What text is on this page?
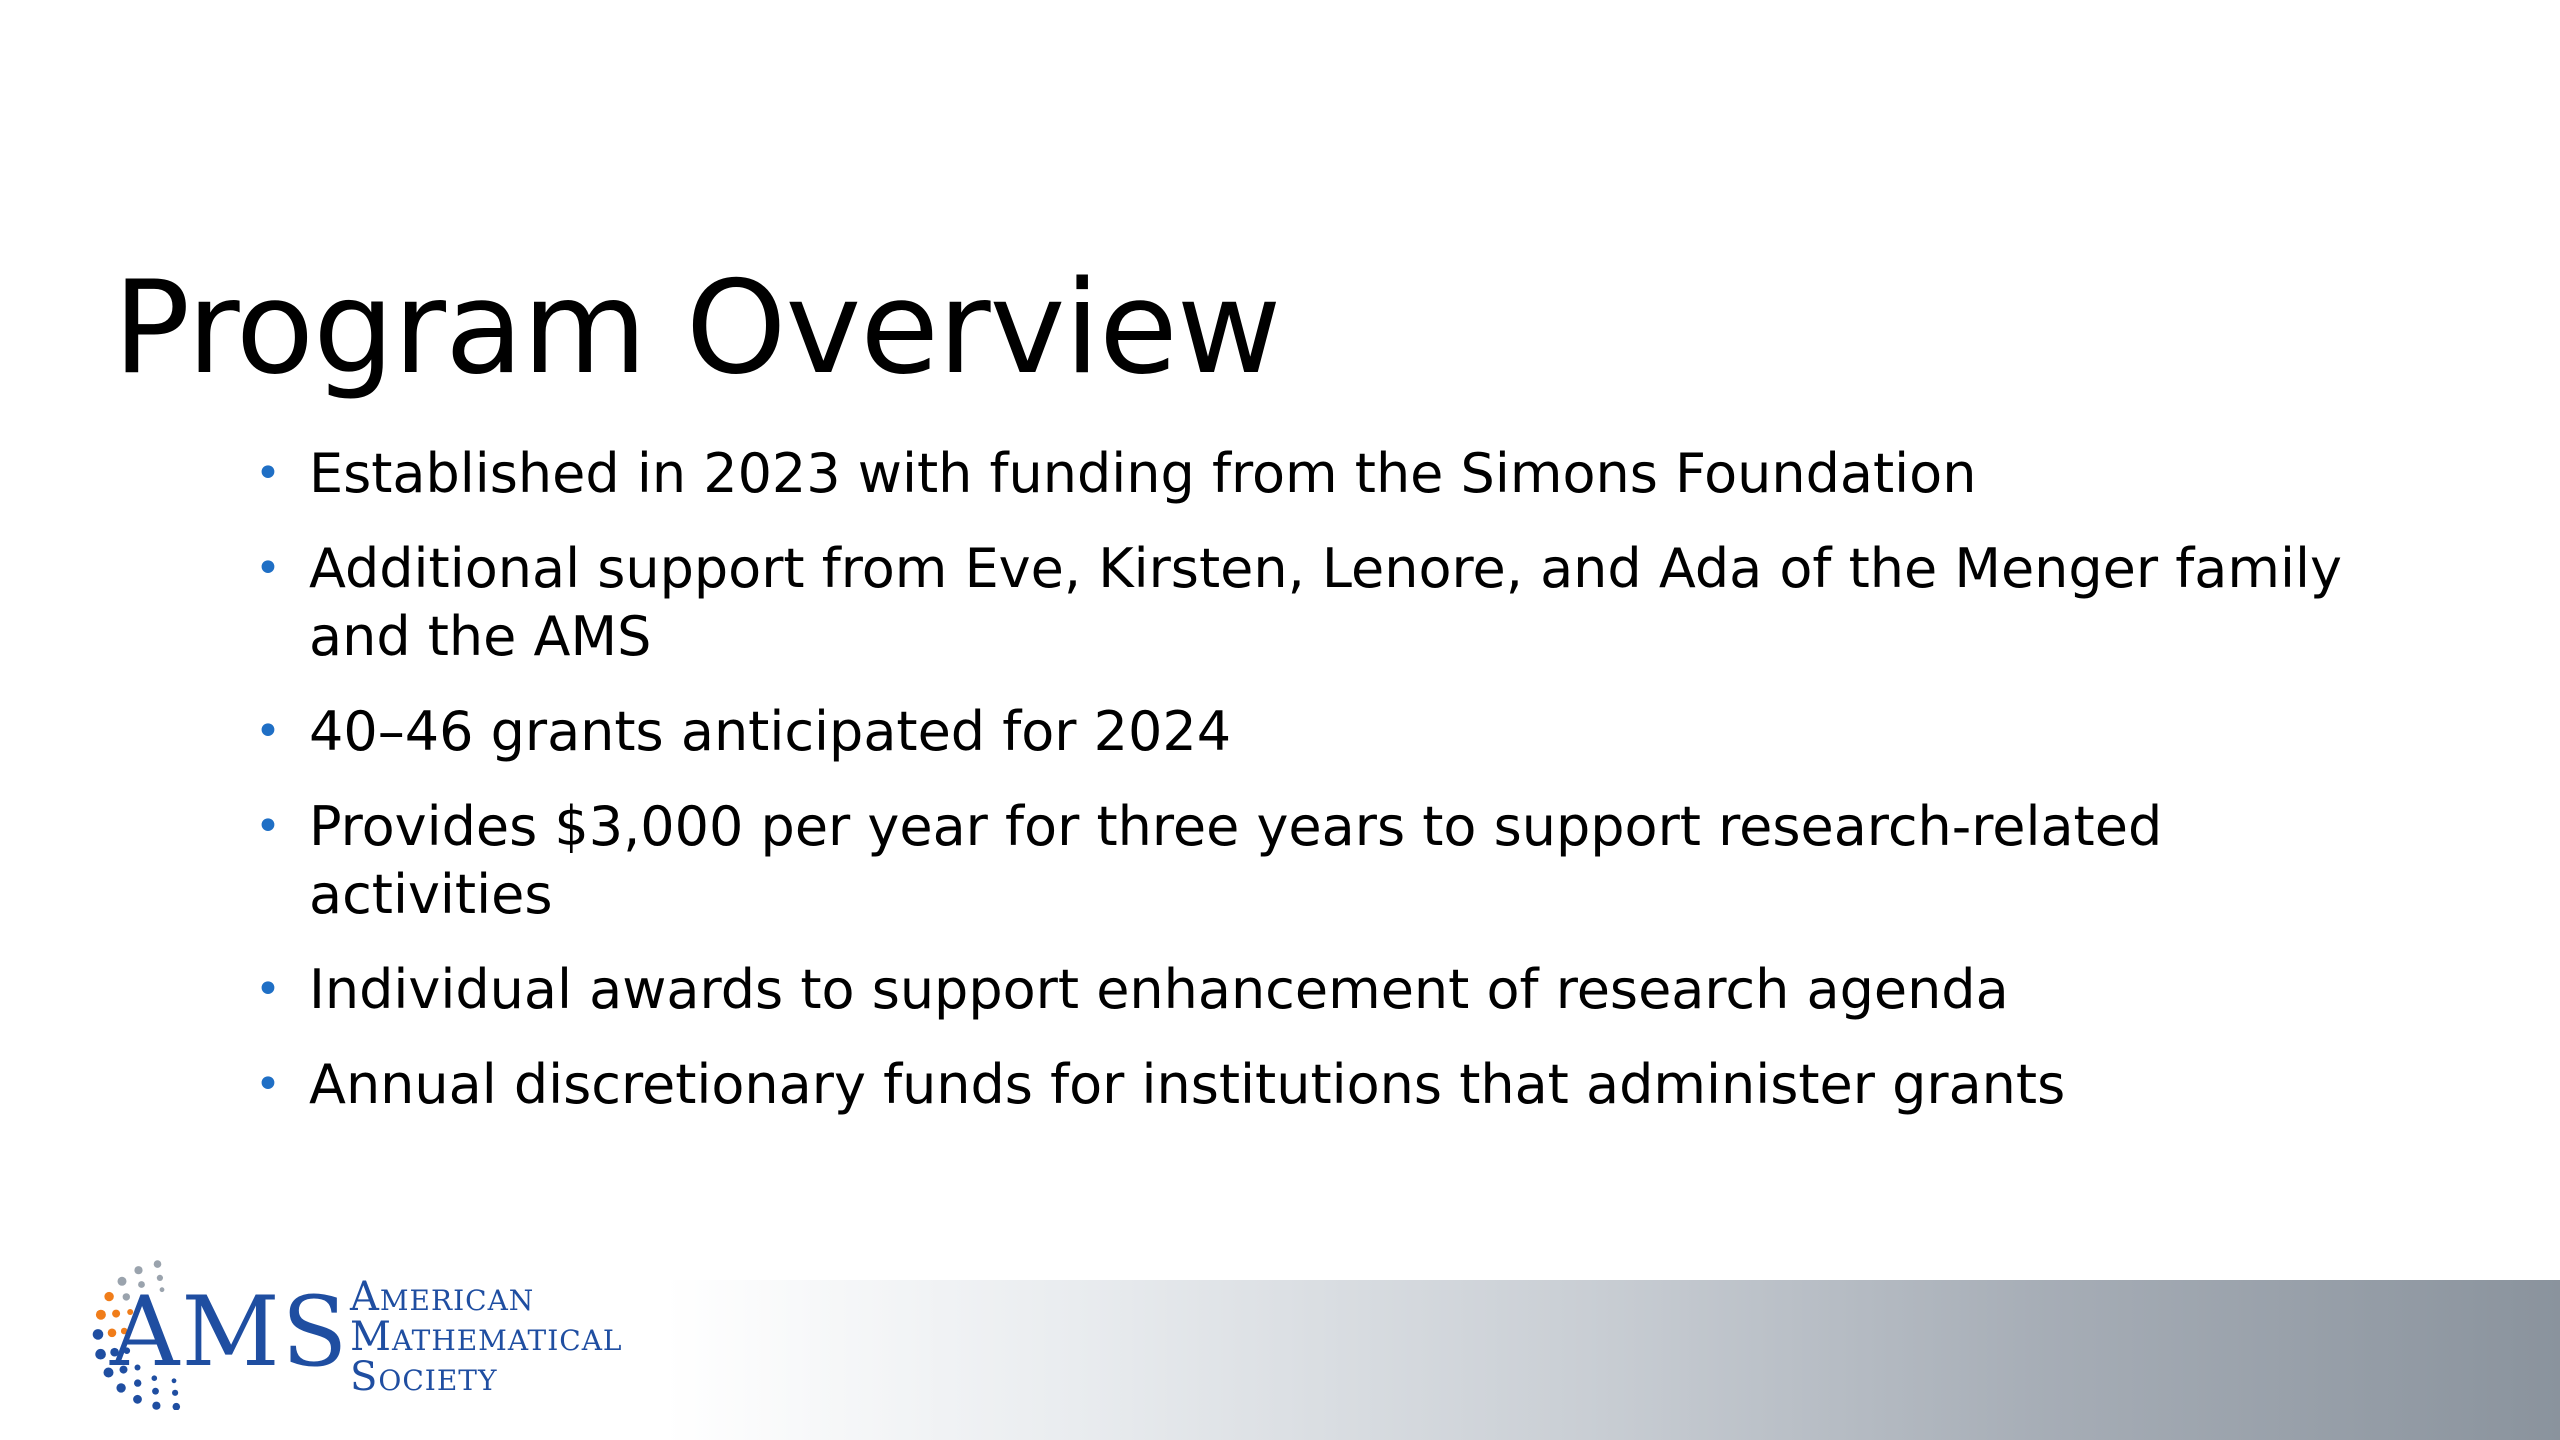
Program Overview
• Established in 2023 with funding from the Simons Foundation
• Additional support from Eve, Kirsten, Lenore, and Ada of the Menger family and the AMS
• 40–46 grants anticipated for 2024
• Provides $3,000 per year for three years to support research-related activities
• Individual awards to support enhancement of research agenda
• Annual discretionary funds for institutions that administer grants
AMS American
Mathematical
Society
